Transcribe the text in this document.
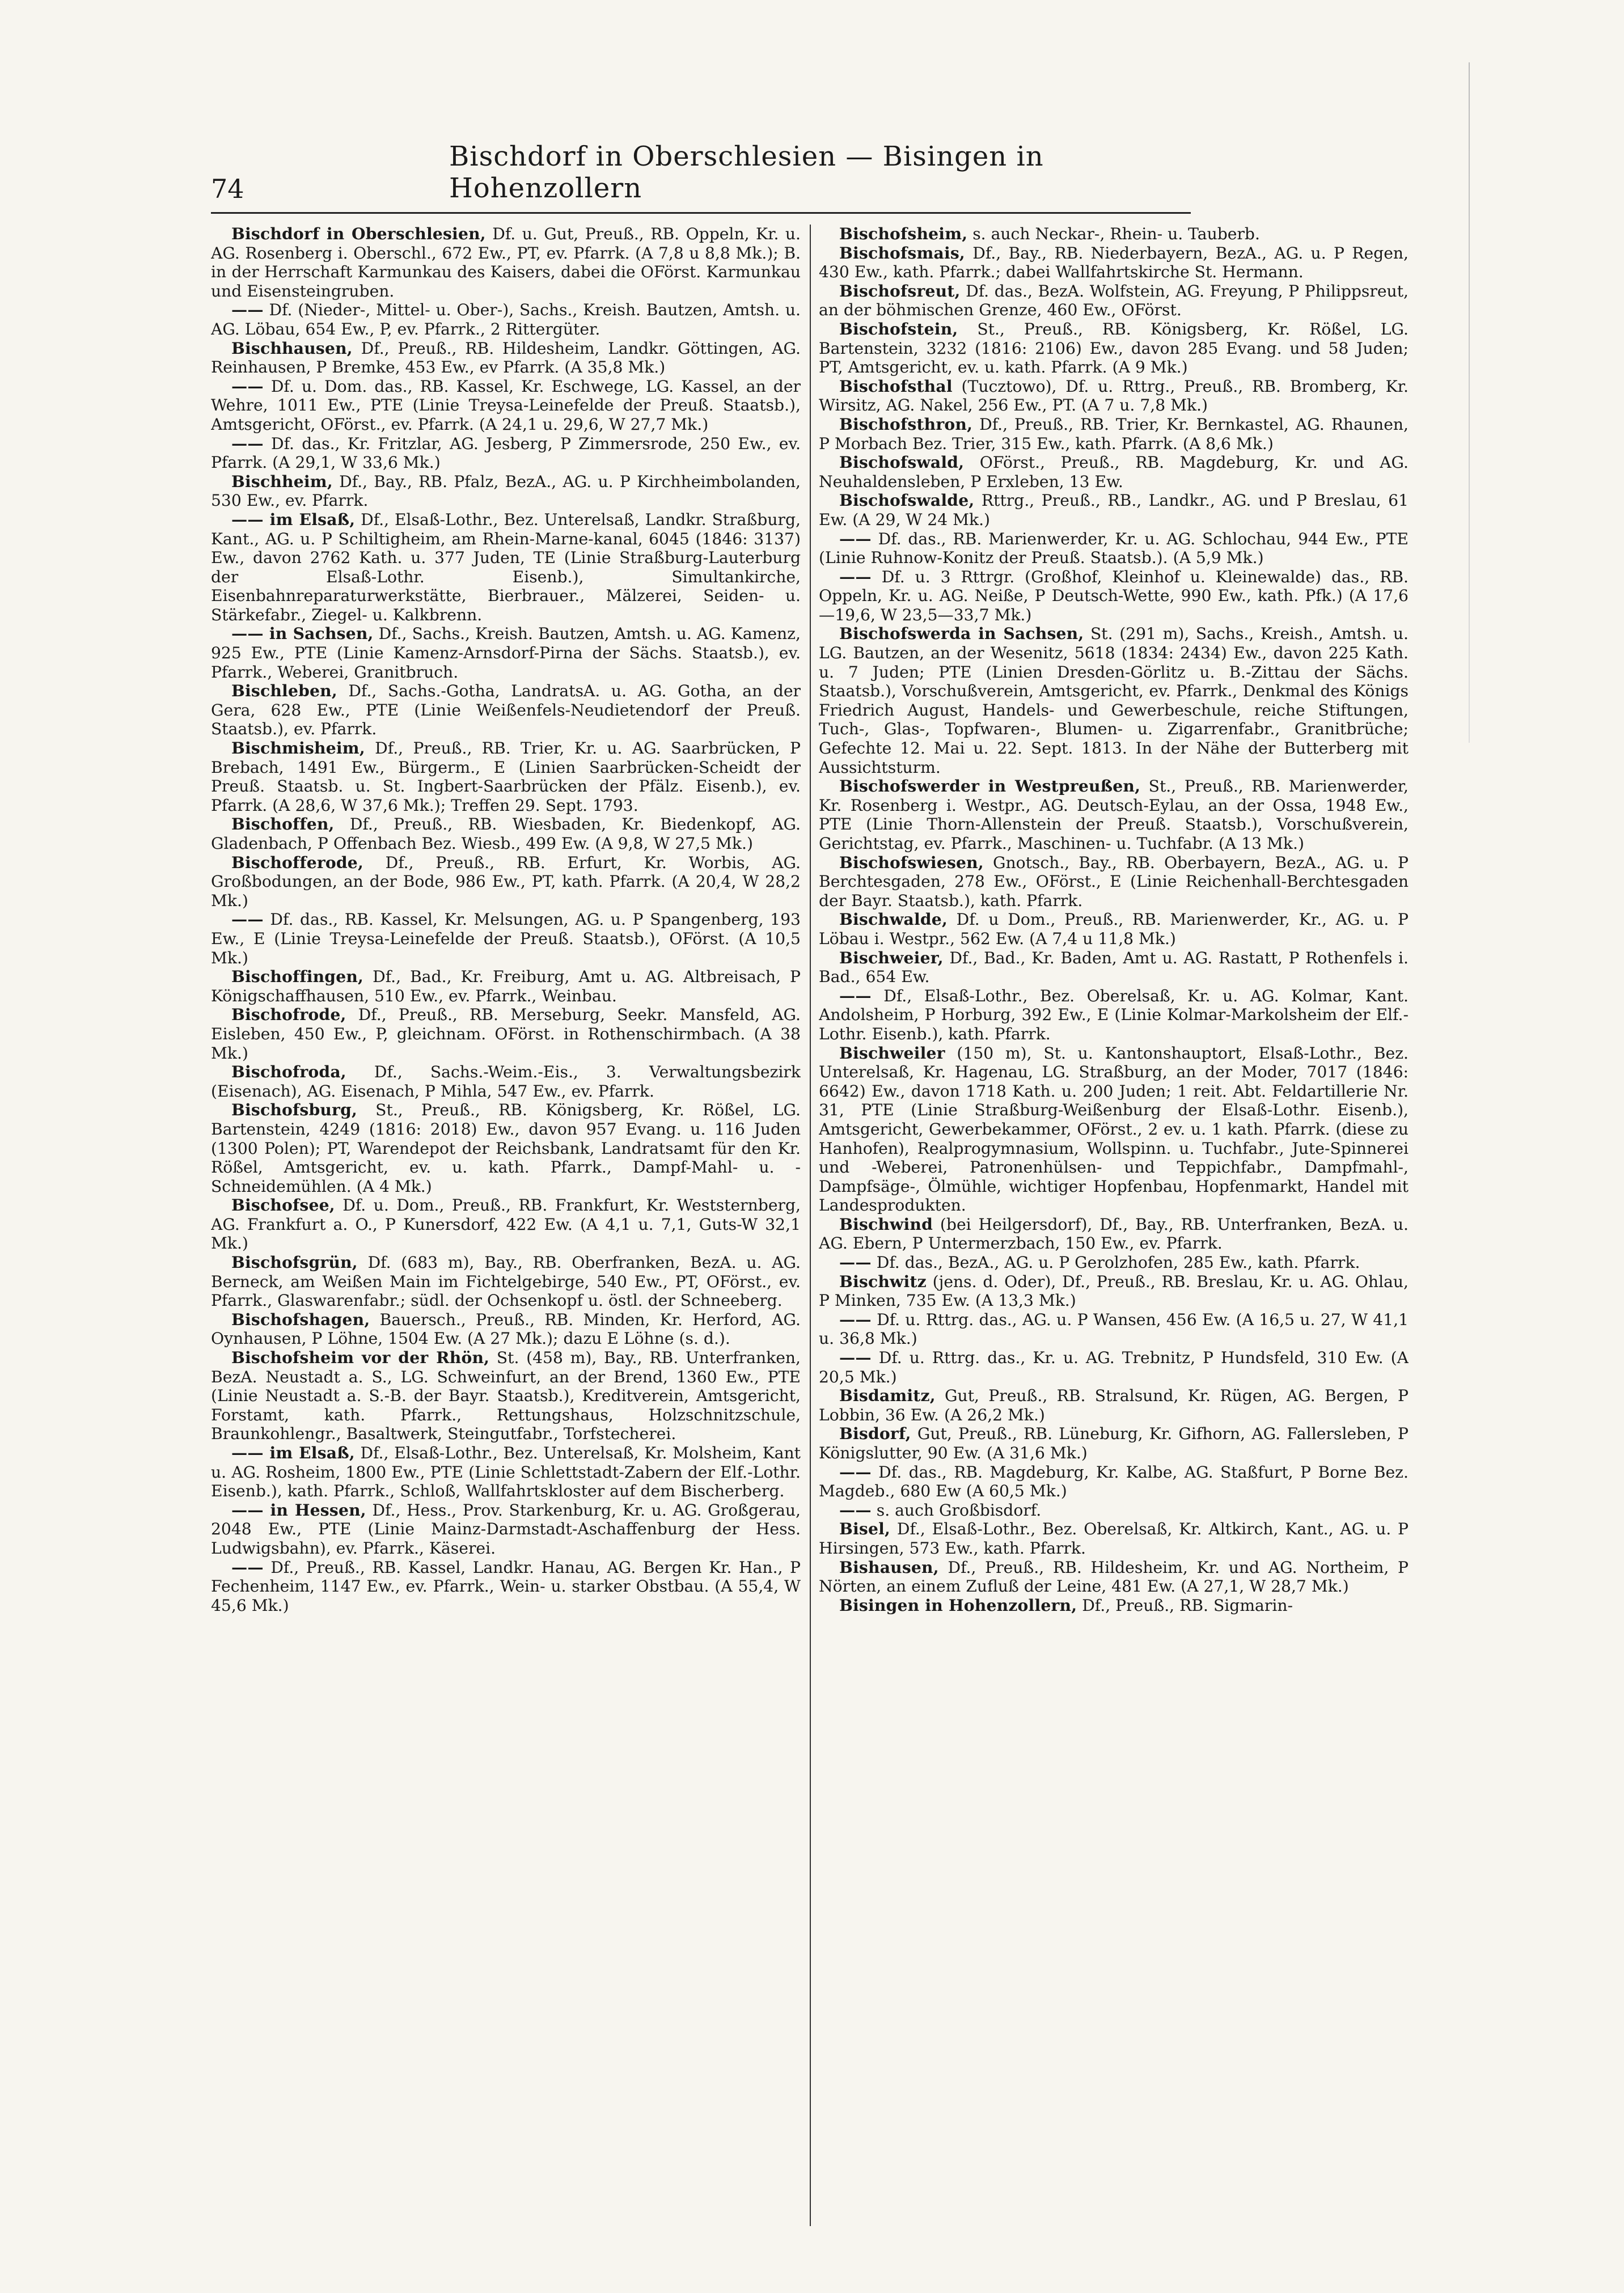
74
Bischdorf in Oberschlesien — Bisingen in Hohenzollern

Bischdorf in Oberschlesien, Df. u. Gut, Preuß., RB. Oppeln, Kr. u. AG. Rosenberg i. Oberschl., 672 Ew., PT, ev. Pfarrk. (A 7,8 u 8,8 Mk.); B. in der Herrschaft Karmunkau des Kaisers, dabei die OFörst. Karmunkau und Eisensteingruben.

—— Df. (Nieder-, Mittel- u. Ober-), Sachs., Kreish. Bautzen, Amtsh. u. AG. Löbau, 654 Ew., P, ev. Pfarrk., 2 Rittergüter.

Bischhausen, Df., Preuß., RB. Hildesheim, Landkr. Göttingen, AG. Reinhausen, P Bremke, 453 Ew., ev Pfarrk. (A 35,8 Mk.)

—— Df. u. Dom. das., RB. Kassel, Kr. Eschwege, LG. Kassel, an der Wehre, 1011 Ew., PTE (Linie Treysa-Leinefelde der Preuß. Staatsb.), Amtsgericht, OFörst., ev. Pfarrk. (A 24,1 u. 29,6, W 27,7 Mk.)

—— Df. das., Kr. Fritzlar, AG. Jesberg, P Zimmersrode, 250 Ew., ev. Pfarrk. (A 29,1, W 33,6 Mk.)

Bischheim, Df., Bay., RB. Pfalz, BezA., AG. u. P Kirchheimbolanden, 530 Ew., ev. Pfarrk.

—— im Elsaß, Df., Elsaß-Lothr., Bez. Unterelsaß, Landkr. Straßburg, Kant., AG. u. P Schiltigheim, am Rhein-Marne-kanal, 6045 (1846: 3137) Ew., davon 2762 Kath. u. 377 Juden, TE (Linie Straßburg-Lauterburg der Elsaß-Lothr. Eisenb.), Simultankirche, Eisenbahnreparaturwerkstätte, Bierbrauer., Mälzerei, Seiden- u. Stärkefabr., Ziegel- u. Kalkbrenn.

—— in Sachsen, Df., Sachs., Kreish. Bautzen, Amtsh. u. AG. Kamenz, 925 Ew., PTE (Linie Kamenz-Arnsdorf-Pirna der Sächs. Staatsb.), ev. Pfarrk., Weberei, Granitbruch.

Bischleben, Df., Sachs.-Gotha, LandratsA. u. AG. Gotha, an der Gera, 628 Ew., PTE (Linie Weißenfels-Neudietendorf der Preuß. Staatsb.), ev. Pfarrk.

Bischmisheim, Df., Preuß., RB. Trier, Kr. u. AG. Saarbrücken, P Brebach, 1491 Ew., Bürgerm., E (Linien Saarbrücken-Scheidt der Preuß. Staatsb. u. St. Ingbert-Saarbrücken der Pfälz. Eisenb.), ev. Pfarrk. (A 28,6, W 37,6 Mk.); Treffen 29. Sept. 1793.

Bischoffen, Df., Preuß., RB. Wiesbaden, Kr. Biedenkopf, AG. Gladenbach, P Offenbach Bez. Wiesb., 499 Ew. (A 9,8, W 27,5 Mk.)

Bischofferode, Df., Preuß., RB. Erfurt, Kr. Worbis, AG. Großbodungen, an der Bode, 986 Ew., PT, kath. Pfarrk. (A 20,4, W 28,2 Mk.)

—— Df. das., RB. Kassel, Kr. Melsungen, AG. u. P Spangenberg, 193 Ew., E (Linie Treysa-Leinefelde der Preuß. Staatsb.), OFörst. (A 10,5 Mk.)

Bischoffingen, Df., Bad., Kr. Freiburg, Amt u. AG. Altbreisach, P Königschaffhausen, 510 Ew., ev. Pfarrk., Weinbau.

Bischofrode, Df., Preuß., RB. Merseburg, Seekr. Mansfeld, AG. Eisleben, 450 Ew., P, gleichnam. OFörst. in Rothenschirmbach. (A 38 Mk.)

Bischofroda, Df., Sachs.-Weim.-Eis., 3. Verwaltungsbezirk (Eisenach), AG. Eisenach, P Mihla, 547 Ew., ev. Pfarrk.

Bischofsburg, St., Preuß., RB. Königsberg, Kr. Rößel, LG. Bartenstein, 4249 (1816: 2018) Ew., davon 957 Evang. u. 116 Juden (1300 Polen); PT, Warendepot der Reichsbank, Landratsamt für den Kr. Rößel, Amtsgericht, ev. u. kath. Pfarrk., Dampf-Mahl- u. -Schneidemühlen. (A 4 Mk.)

Bischofsee, Df. u. Dom., Preuß., RB. Frankfurt, Kr. Weststernberg, AG. Frankfurt a. O., P Kunersdorf, 422 Ew. (A 4,1 u. 7,1, Guts-W 32,1 Mk.)

Bischofsgrün, Df. (683 m), Bay., RB. Oberfranken, BezA. u. AG. Berneck, am Weißen Main im Fichtelgebirge, 540 Ew., PT, OFörst., ev. Pfarrk., Glaswarenfabr.; südl. der Ochsenkopf u. östl. der Schneeberg.

Bischofshagen, Bauersch., Preuß., RB. Minden, Kr. Herford, AG. Oynhausen, P Löhne, 1504 Ew. (A 27 Mk.); dazu E Löhne (s. d.).

Bischofsheim vor der Rhön, St. (458 m), Bay., RB. Unterfranken, BezA. Neustadt a. S., LG. Schweinfurt, an der Brend, 1360 Ew., PTE (Linie Neustadt a. S.-B. der Bayr. Staatsb.), Kreditverein, Amtsgericht, Forstamt, kath. Pfarrk., Rettungshaus, Holzschnitzschule, Braunkohlengr., Basaltwerk, Steingutfabr., Torfstecherei.

—— im Elsaß, Df., Elsaß-Lothr., Bez. Unterelsaß, Kr. Molsheim, Kant u. AG. Rosheim, 1800 Ew., PTE (Linie Schlettstadt-Zabern der Elf.-Lothr. Eisenb.), kath. Pfarrk., Schloß, Wallfahrtskloster auf dem Bischerberg.

—— in Hessen, Df., Hess., Prov. Starkenburg, Kr. u. AG. Großgerau, 2048 Ew., PTE (Linie Mainz-Darmstadt-Aschaffenburg der Hess. Ludwigsbahn), ev. Pfarrk., Käserei.

—— Df., Preuß., RB. Kassel, Landkr. Hanau, AG. Bergen Kr. Han., P Fechenheim, 1147 Ew., ev. Pfarrk., Wein- u. starker Obstbau. (A 55,4, W 45,6 Mk.)

Bischofsheim, s. auch Neckar-, Rhein- u. Tauberb.

Bischofsmais, Df., Bay., RB. Niederbayern, BezA., AG. u. P Regen, 430 Ew., kath. Pfarrk.; dabei Wallfahrtskirche St. Hermann.

Bischofsreut, Df. das., BezA. Wolfstein, AG. Freyung, P Philippsreut, an der böhmischen Grenze, 460 Ew., OFörst.

Bischofstein, St., Preuß., RB. Königsberg, Kr. Rößel, LG. Bartenstein, 3232 (1816: 2106) Ew., davon 285 Evang. und 58 Juden; PT, Amtsgericht, ev. u. kath. Pfarrk. (A 9 Mk.)

Bischofsthal (Tucztowo), Df. u. Rttrg., Preuß., RB. Bromberg, Kr. Wirsitz, AG. Nakel, 256 Ew., PT. (A 7 u. 7,8 Mk.)

Bischofsthron, Df., Preuß., RB. Trier, Kr. Bernkastel, AG. Rhaunen, P Morbach Bez. Trier, 315 Ew., kath. Pfarrk. (A 8,6 Mk.)

Bischofswald, OFörst., Preuß., RB. Magdeburg, Kr. und AG. Neuhaldensleben, P Erxleben, 13 Ew.

Bischofswalde, Rttrg., Preuß., RB., Landkr., AG. und P Breslau, 61 Ew. (A 29, W 24 Mk.)

—— Df. das., RB. Marienwerder, Kr. u. AG. Schlochau, 944 Ew., PTE (Linie Ruhnow-Konitz der Preuß. Staatsb.). (A 5,9 Mk.)

—— Df. u. 3 Rttrgr. (Großhof, Kleinhof u. Kleinewalde) das., RB. Oppeln, Kr. u. AG. Neiße, P Deutsch-Wette, 990 Ew., kath. Pfk.) (A 17,6—19,6, W 23,5—33,7 Mk.)

Bischofswerda in Sachsen, St. (291 m), Sachs., Kreish., Amtsh. u. LG. Bautzen, an der Wesenitz, 5618 (1834: 2434) Ew., davon 225 Kath. u. 7 Juden; PTE (Linien Dresden-Görlitz u. B.-Zittau der Sächs. Staatsb.), Vorschußverein, Amtsgericht, ev. Pfarrk., Denkmal des Königs Friedrich August, Handels- und Gewerbeschule, reiche Stiftungen, Tuch-, Glas-, Topfwaren-, Blumen- u. Zigarrenfabr., Granitbrüche; Gefechte 12. Mai u. 22. Sept. 1813. In der Nähe der Butterberg mit Aussichtsturm.

Bischofswerder in Westpreußen, St., Preuß., RB. Marienwerder, Kr. Rosenberg i. Westpr., AG. Deutsch-Eylau, an der Ossa, 1948 Ew., PTE (Linie Thorn-Allenstein der Preuß. Staatsb.), Vorschußverein, Gerichtstag, ev. Pfarrk., Maschinen- u. Tuchfabr. (A 13 Mk.)

Bischofswiesen, Gnotsch., Bay., RB. Oberbayern, BezA., AG. u. P Berchtesgaden, 278 Ew., OFörst., E (Linie Reichenhall-Berchtesgaden der Bayr. Staatsb.), kath. Pfarrk.

Bischwalde, Df. u Dom., Preuß., RB. Marienwerder, Kr., AG. u. P Löbau i. Westpr., 562 Ew. (A 7,4 u 11,8 Mk.)

Bischweier, Df., Bad., Kr. Baden, Amt u. AG. Rastatt, P Rothenfels i. Bad., 654 Ew.

—— Df., Elsaß-Lothr., Bez. Oberelsaß, Kr. u. AG. Kolmar, Kant. Andolsheim, P Horburg, 392 Ew., E (Linie Kolmar-Markolsheim der Elf.-Lothr. Eisenb.), kath. Pfarrk.

Bischweiler (150 m), St. u. Kantonshauptort, Elsaß-Lothr., Bez. Unterelsaß, Kr. Hagenau, LG. Straßburg, an der Moder, 7017 (1846: 6642) Ew., davon 1718 Kath. u. 200 Juden; 1 reit. Abt. Feldartillerie Nr. 31, PTE (Linie Straßburg-Weißenburg der Elsaß-Lothr. Eisenb.), Amtsgericht, Gewerbekammer, OFörst., 2 ev. u. 1 kath. Pfarrk. (diese zu Hanhofen), Realprogymnasium, Wollspinn. u. Tuchfabr., Jute-Spinnerei und -Weberei, Patronenhülsen- und Teppichfabr., Dampfmahl-, Dampfsäge-, Ölmühle, wichtiger Hopfenbau, Hopfenmarkt, Handel mit Landesprodukten.

Bischwind (bei Heilgersdorf), Df., Bay., RB. Unterfranken, BezA. u. AG. Ebern, P Untermerzbach, 150 Ew., ev. Pfarrk.

—— Df. das., BezA., AG. u. P Gerolzhofen, 285 Ew., kath. Pfarrk.

Bischwitz (jens. d. Oder), Df., Preuß., RB. Breslau, Kr. u. AG. Ohlau, P Minken, 735 Ew. (A 13,3 Mk.)

—— Df. u. Rttrg. das., AG. u. P Wansen, 456 Ew. (A 16,5 u. 27, W 41,1 u. 36,8 Mk.)

—— Df. u. Rttrg. das., Kr. u. AG. Trebnitz, P Hundsfeld, 310 Ew. (A 20,5 Mk.)

Bisdamitz, Gut, Preuß., RB. Stralsund, Kr. Rügen, AG. Bergen, P Lobbin, 36 Ew. (A 26,2 Mk.)

Bisdorf, Gut, Preuß., RB. Lüneburg, Kr. Gifhorn, AG. Fallersleben, P Königslutter, 90 Ew. (A 31,6 Mk.)

—— Df. das., RB. Magdeburg, Kr. Kalbe, AG. Staßfurt, P Borne Bez. Magdeb., 680 Ew (A 60,5 Mk.)

—— s. auch Großbisdorf.

Bisel, Df., Elsaß-Lothr., Bez. Oberelsaß, Kr. Altkirch, Kant., AG. u. P Hirsingen, 573 Ew., kath. Pfarrk.

Bishausen, Df., Preuß., RB. Hildesheim, Kr. und AG. Northeim, P Nörten, an einem Zufluß der Leine, 481 Ew. (A 27,1, W 28,7 Mk.)

Bisingen in Hohenzollern, Df., Preuß., RB. Sigmarin-
